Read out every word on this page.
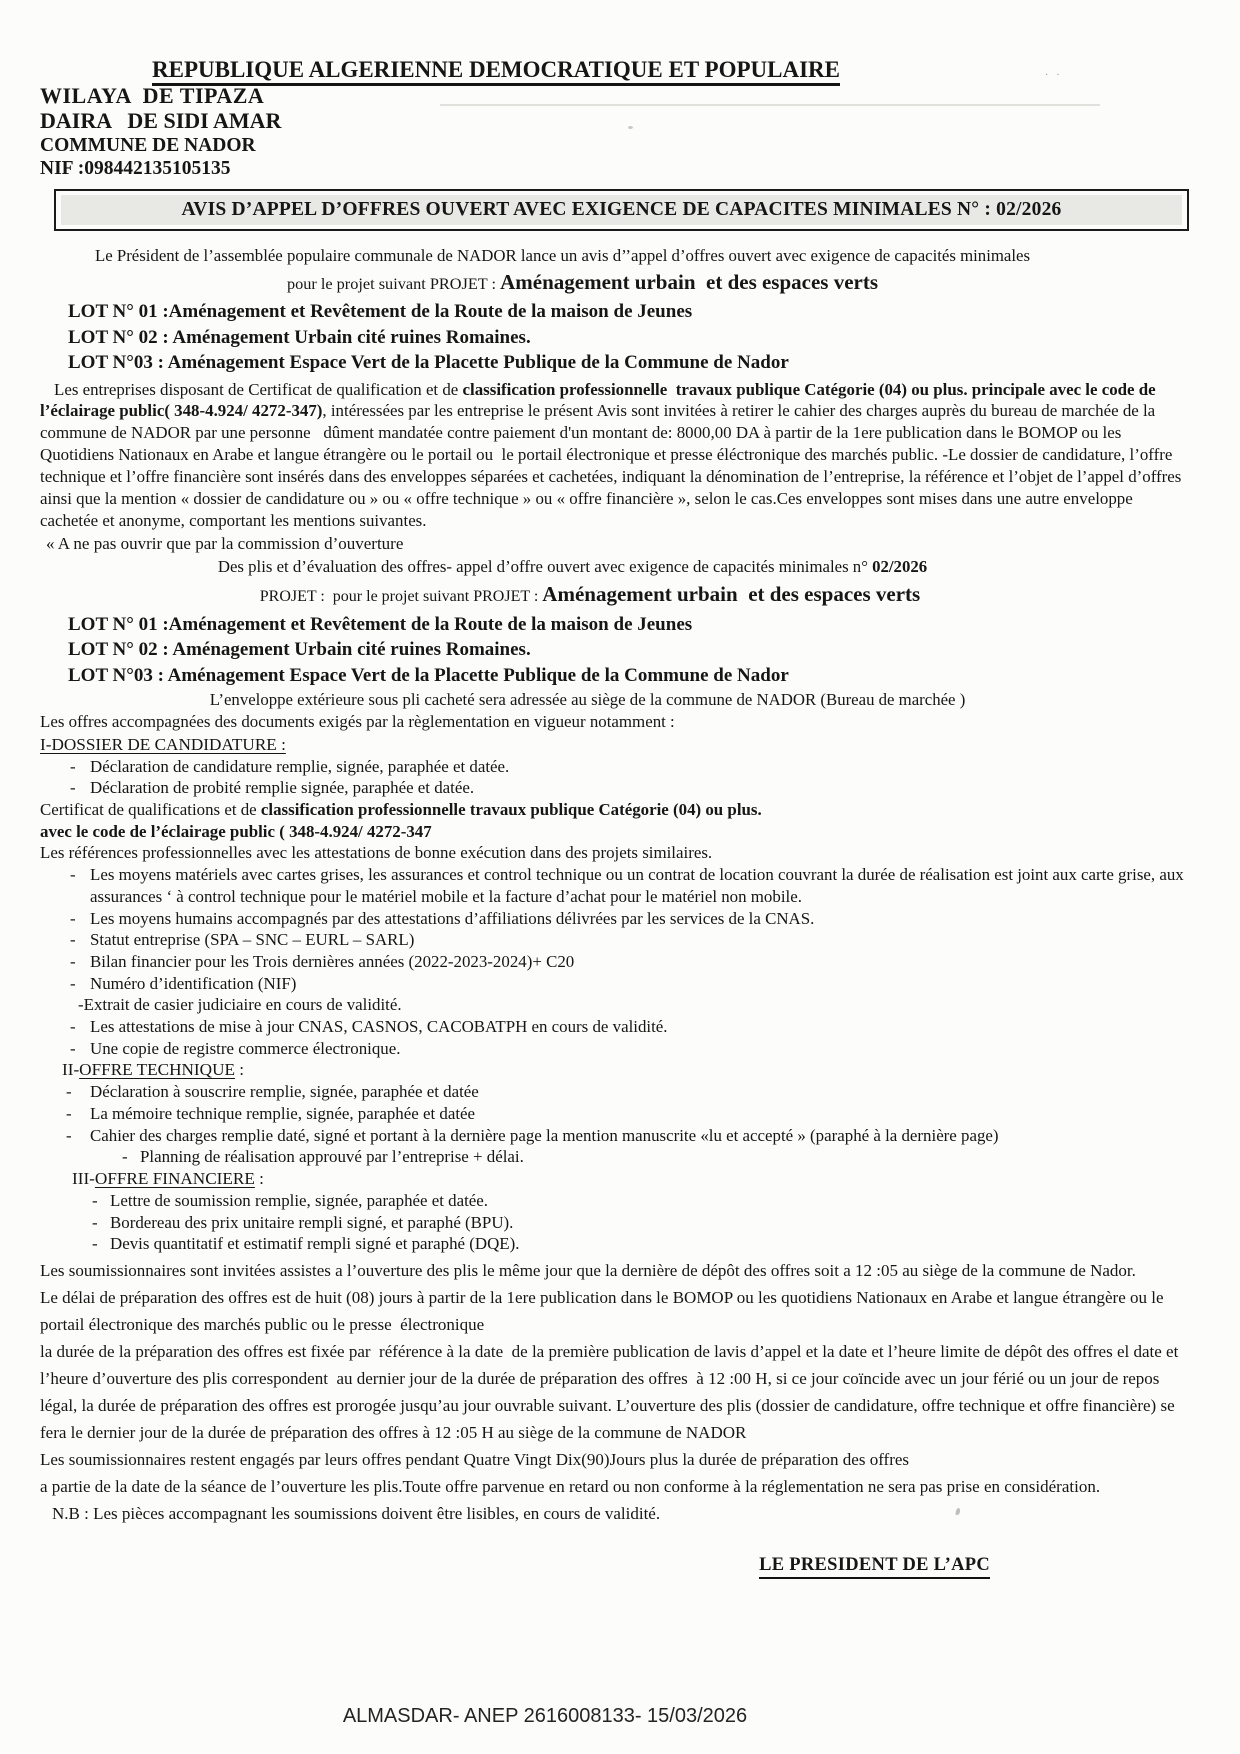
··
REPUBLIQUE ALGERIENNE DEMOCRATIQUE ET POPULAIRE
WILAYA  DE TIPAZA
DAIRA   DE SIDI AMAR
COMMUNE DE NADOR
NIF :098442135105135
AVIS D’APPEL D’OFFRES OUVERT AVEC EXIGENCE DE CAPACITES MINIMALES N° : 02/2026
Le Président de l’assemblée populaire communale de NADOR lance un avis d’’appel d’offres ouvert avec exigence de capacités minimales
pour le projet suivant PROJET : Aménagement urbain  et des espaces verts
LOT N° 01 :Aménagement et Revêtement de la Route de la maison de Jeunes
LOT N° 02 : Aménagement Urbain cité ruines Romaines.
LOT N°03 : Aménagement Espace Vert de la Placette Publique de la Commune de Nador
Les entreprises disposant de Certificat de qualification et de classification professionnelle  travaux publique Catégorie (04) ou plus. principale avec le code de l’éclairage public( 348-4.924/ 4272-347), intéressées par les entreprise le présent Avis sont invitées à retirer le cahier des charges auprès du bureau de marchée de la commune de NADOR par une personne   dûment mandatée contre paiement d'un montant de: 8000,00 DA à partir de la 1ere publication dans le BOMOP ou les Quotidiens Nationaux en Arabe et langue étrangère ou le portail ou  le portail électronique et presse éléctronique des marchés public. -Le dossier de candidature, l’offre technique et l’offre financière sont insérés dans des enveloppes séparées et cachetées, indiquant la dénomination de l’entreprise, la référence et l’objet de l’appel d’offres ainsi que la mention « dossier de candidature ou » ou « offre technique » ou « offre financière », selon le cas.Ces enveloppes sont mises dans une autre enveloppe cachetée et anonyme, comportant les mentions suivantes.
« A ne pas ouvrir que par la commission d’ouverture
Des plis et d’évaluation des offres- appel d’offre ouvert avec exigence de capacités minimales n° 02/2026
PROJET :  pour le projet suivant PROJET : Aménagement urbain  et des espaces verts
LOT N° 01 :Aménagement et Revêtement de la Route de la maison de Jeunes
LOT N° 02 : Aménagement Urbain cité ruines Romaines.
LOT N°03 : Aménagement Espace Vert de la Placette Publique de la Commune de Nador
L’enveloppe extérieure sous pli cacheté sera adressée au siège de la commune de NADOR (Bureau de marchée )
Les offres accompagnées des documents exigés par la règlementation en vigueur notamment :
I-DOSSIER DE CANDIDATURE :
- Déclaration de candidature remplie, signée, paraphée et datée.
- Déclaration de probité remplie signée, paraphée et datée.
Certificat de qualifications et de classification professionnelle travaux publique Catégorie (04) ou plus.
avec le code de l’éclairage public ( 348-4.924/ 4272-347
Les références professionnelles avec les attestations de bonne exécution dans des projets similaires.
- Les moyens matériels avec cartes grises, les assurances et control technique ou un contrat de location couvrant la durée de réalisation est joint aux carte grise, aux assurances ‘ à control technique pour le matériel mobile et la facture d’achat pour le matériel non mobile.
- Les moyens humains accompagnés par des attestations d’affiliations délivrées par les services de la CNAS.
- Statut entreprise (SPA – SNC – EURL – SARL)
- Bilan financier pour les Trois dernières années (2022-2023-2024)+ C20
- Numéro d’identification (NIF)
-Extrait de casier judiciaire en cours de validité.
- Les attestations de mise à jour CNAS, CASNOS, CACOBATPH en cours de validité.
- Une copie de registre commerce électronique.
II-OFFRE TECHNIQUE :
- Déclaration à souscrire remplie, signée, paraphée et datée
- La mémoire technique remplie, signée, paraphée et datée
- Cahier des charges remplie daté, signé et portant à la dernière page la mention manuscrite «lu et accepté » (paraphé à la dernière page)
- Planning de réalisation approuvé par l’entreprise + délai.
III-OFFRE FINANCIERE :
- Lettre de soumission remplie, signée, paraphée et datée.
- Bordereau des prix unitaire rempli signé, et paraphé (BPU).
- Devis quantitatif et estimatif rempli signé et paraphé (DQE).
Les soumissionnaires sont invitées assistes a l’ouverture des plis le même jour que la dernière de dépôt des offres soit a 12 :05 au siège de la commune de Nador.
Le délai de préparation des offres est de huit (08) jours à partir de la 1ere publication dans le BOMOP ou les quotidiens Nationaux en Arabe et langue étrangère ou le portail électronique des marchés public ou le presse  électronique
la durée de la préparation des offres est fixée par  référence à la date  de la première publication de lavis d’appel et la date et l’heure limite de dépôt des offres el date et l’heure d’ouverture des plis correspondent  au dernier jour de la durée de préparation des offres  à 12 :00 H, si ce jour coïncide avec un jour férié ou un jour de repos légal, la durée de préparation des offres est prorogée jusqu’au jour ouvrable suivant. L’ouverture des plis (dossier de candidature, offre technique et offre financière) se fera le dernier jour de la durée de préparation des offres à 12 :05 H au siège de la commune de NADOR
Les soumissionnaires restent engagés par leurs offres pendant Quatre Vingt Dix(90)Jours plus la durée de préparation des offres
a partie de la date de la séance de l’ouverture les plis.Toute offre parvenue en retard ou non conforme à la réglementation ne sera pas prise en considération.
N.B : Les pièces accompagnant les soumissions doivent être lisibles, en cours de validité.
LE PRESIDENT DE L’APC
ALMASDAR- ANEP 2616008133- 15/03/2026
